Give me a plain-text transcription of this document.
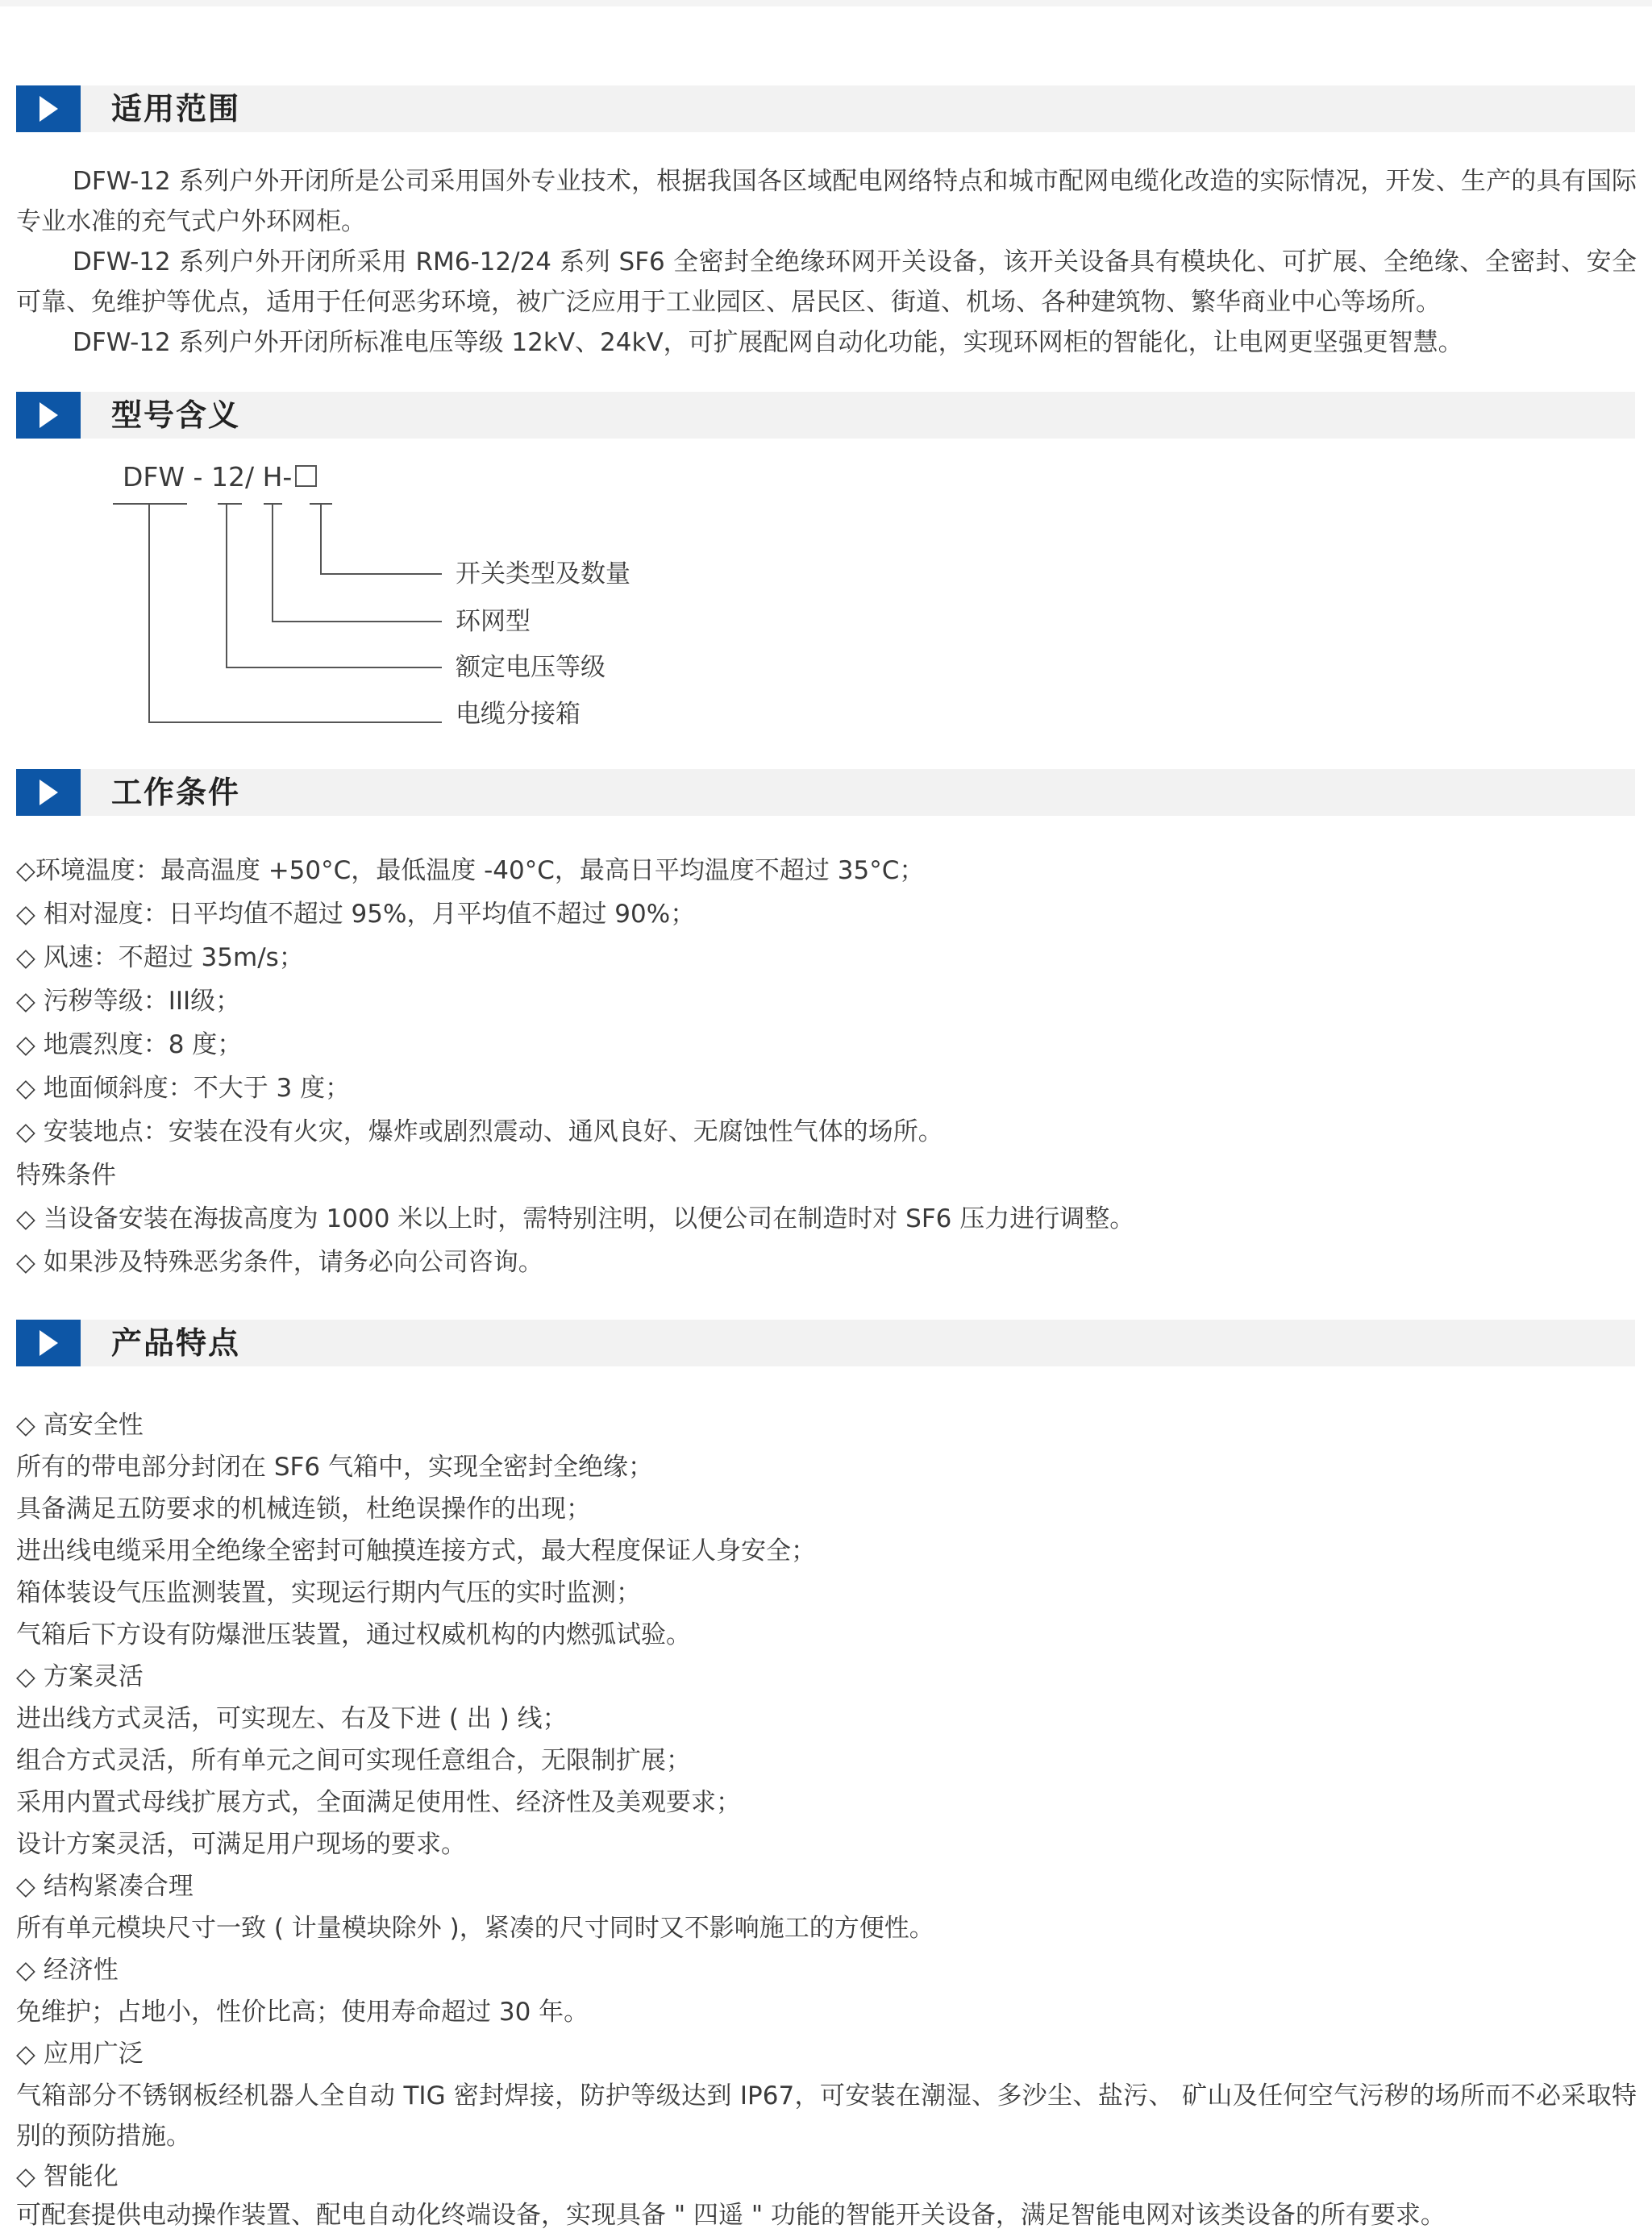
适用范围

DFW-12 系列户外开闭所是公司采用国外专业技术，根据我国各区域配电网络特点和城市配网电缆化改造的实际情况，开发、生产的具有国际专业水准的充气式户外环网柜。

DFW-12 系列户外开闭所采用 RM6-12/24 系列 SF6 全密封全绝缘环网开关设备，该开关设备具有模块化、可扩展、全绝缘、全密封、安全可靠、免维护等优点，适用于任何恶劣环境，被广泛应用于工业园区、居民区、街道、机场、各种建筑物、繁华商业中心等场所。

DFW-12 系列户外开闭所标准电压等级 12kV、24kV，可扩展配网自动化功能，实现环网柜的智能化，让电网更坚强更智慧。

型号含义
DFW - 12/ H-
开关类型及数量
环网型
额定电压等级
电缆分接箱
工作条件
◇环境温度：最高温度 +50°C，最低温度 -40°C，最高日平均温度不超过 35°C；
◇ 相对湿度：日平均值不超过 95%，月平均值不超过 90%；
◇ 风速：不超过 35m/s；
◇ 污秽等级：III级；
◇ 地震烈度：8 度；
◇ 地面倾斜度：不大于 3 度；
◇ 安装地点：安装在没有火灾，爆炸或剧烈震动、通风良好、无腐蚀性气体的场所。
特殊条件
◇ 当设备安装在海拔高度为 1000 米以上时，需特别注明，以便公司在制造时对 SF6 压力进行调整。
◇ 如果涉及特殊恶劣条件，请务必向公司咨询。
产品特点
◇ 高安全性
所有的带电部分封闭在 SF6 气箱中，实现全密封全绝缘；
具备满足五防要求的机械连锁，杜绝误操作的出现；
进出线电缆采用全绝缘全密封可触摸连接方式，最大程度保证人身安全；
箱体装设气压监测装置，实现运行期内气压的实时监测；
气箱后下方设有防爆泄压装置，通过权威机构的内燃弧试验。
◇ 方案灵活
进出线方式灵活，可实现左、右及下进 ( 出 ) 线；
组合方式灵活，所有单元之间可实现任意组合，无限制扩展；
采用内置式母线扩展方式，全面满足使用性、经济性及美观要求；
设计方案灵活，可满足用户现场的要求。
◇ 结构紧凑合理
所有单元模块尺寸一致 ( 计量模块除外 )，紧凑的尺寸同时又不影响施工的方便性。
◇ 经济性
免维护；占地小，性价比高；使用寿命超过 30 年。
◇ 应用广泛

气箱部分不锈钢板经机器人全自动 TIG 密封焊接，防护等级达到 IP67，可安装在潮湿、多沙尘、盐污、 矿山及任何空气污秽的场所而不必采取特别的预防措施。

◇ 智能化
可配套提供电动操作装置、配电自动化终端设备，实现具备 " 四遥 " 功能的智能开关设备，满足智能电网对该类设备的所有要求。
